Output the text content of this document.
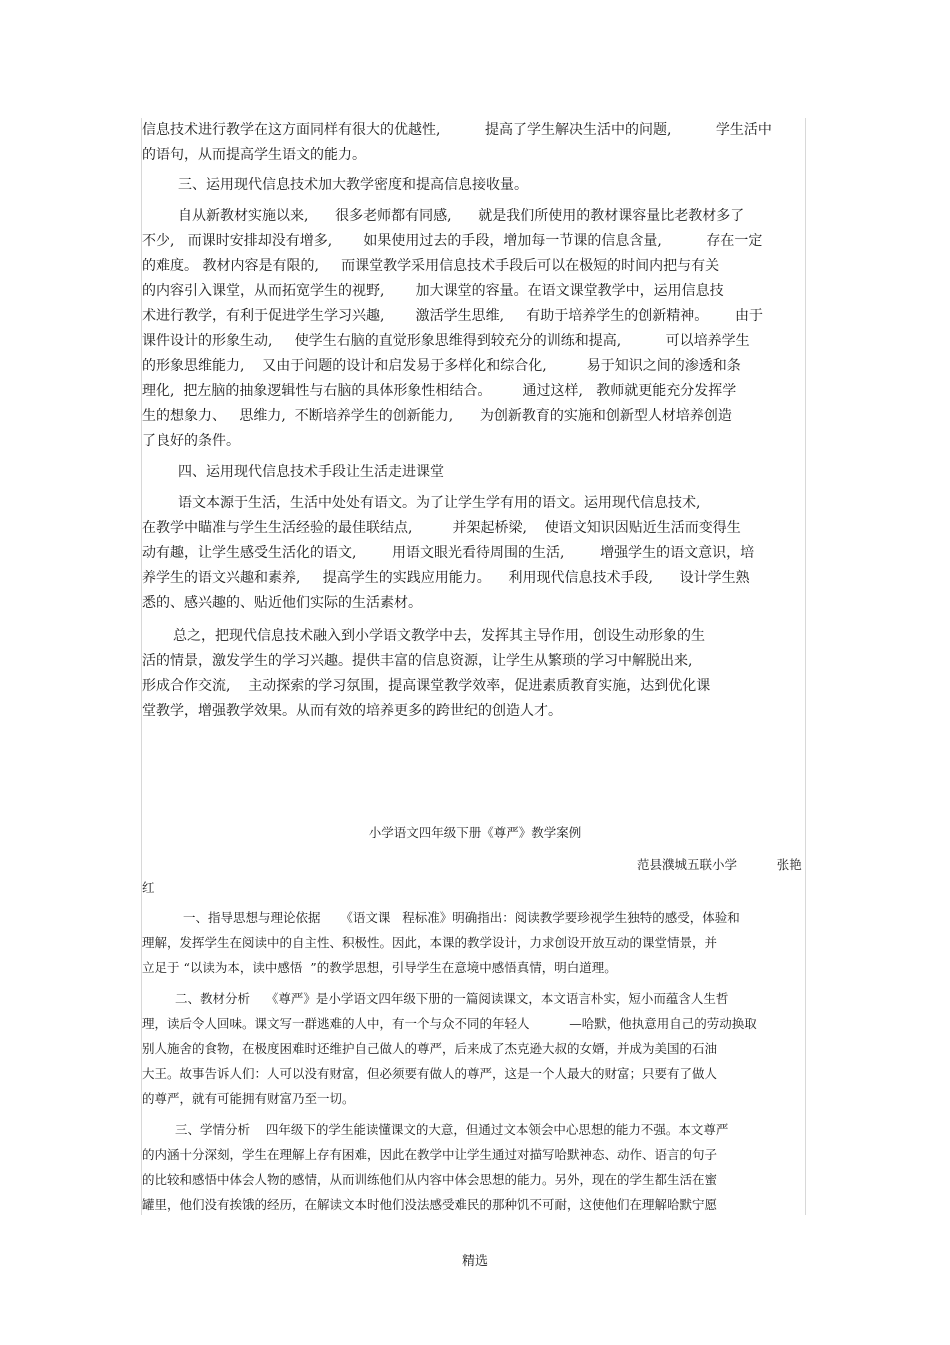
信息技术进行教学在这方面同样有很大的优越性,          提高了学生解决生活中的问题,          学生活中
的语句，从而提高学生语文的能力。
三、运用现代信息技术加大教学密度和提高信息接收量。
自从新教材实施以来,      很多老师都有同感,      就是我们所使用的教材课容量比老教材多了
不少,   而课时安排却没有增多,       如果使用过去的手段，增加每一节课的信息含量,          存在一定
的难度。 教材内容是有限的,     而课堂教学采用信息技术手段后可以在极短的时间内把与有关
的内容引入课堂，从而拓宽学生的视野,       加大课堂的容量。在语文课堂教学中，运用信息技
术进行教学，有利于促进学生学习兴趣,       激活学生思维,     有助于培养学生的创新精神。      由于
课件设计的形象生动,     使学生右脑的直觉形象思维得到较充分的训练和提高,          可以培养学生
的形象思维能力,    又由于问题的设计和启发易于多样化和综合化,         易于知识之间的渗透和条
理化,  把左脑的抽象逻辑性与右脑的具体形象性相结合。       通过这样,   教师就更能充分发挥学
生的想象力、   思维力,  不断培养学生的创新能力,      为创新教育的实施和创新型人材培养创造
了良好的条件。
四、运用现代信息技术手段让生活走进课堂
语文本源于生活，生活中处处有语文。为了让学生学有用的语文。运用现代信息技术,
在教学中瞄准与学生生活经验的最佳联结点,         并架起桥梁,    使语文知识因贴近生活而变得生
动有趣，让学生感受生活化的语文,        用语文眼光看待周围的生活,        增强学生的语文意识，培
养学生的语文兴趣和素养,     提高学生的实践应用能力。    利用现代信息技术手段,      设计学生熟
悉的、感兴趣的、贴近他们实际的生活素材。
总之，把现代信息技术融入到小学语文教学中去，发挥其主导作用，创设生动形象的生
活的情景，激发学生的学习兴趣。提供丰富的信息资源，让学生从繁琐的学习中解脱出来,
形成合作交流,    主动探索的学习氛围，提高课堂教学效率，促进素质教育实施，达到优化课
堂教学，增强教学效果。从而有效的培养更多的跨世纪的创造人才。
小学语文四年级下册《尊严》教学案例
范县濮城五联小学          张艳
红
一、指导思想与理论依据     《语文课   程标准》明确指出：阅读教学要珍视学生独特的感受，体验和
理解，发挥学生在阅读中的自主性、积极性。因此，本课的教学设计，力求创设开放互动的课堂情景，并
立足于 “以读为本，读中感悟  ”的教学思想，引导学生在意境中感悟真情，明白道理。
二、教材分析    《尊严》是小学语文四年级下册的一篇阅读课文，本文语言朴实，短小而蕴含人生哲
理，读后令人回味。课文写一群逃难的人中，有一个与众不同的年轻人          —哈默，他执意用自己的劳动换取
别人施舍的食物，在极度困难时还维护自己做人的尊严，后来成了杰克逊大叔的女婿，并成为美国的石油
大王。故事告诉人们：人可以没有财富，但必须要有做人的尊严，这是一个人最大的财富；只要有了做人
的尊严，就有可能拥有财富乃至一切。
三、学情分析    四年级下的学生能读懂课文的大意，但通过文本领会中心思想的能力不强。本文尊严
的内涵十分深刻，学生在理解上存有困难，因此在教学中让学生通过对描写哈默神态、动作、语言的句子
的比较和感悟中体会人物的感情，从而训练他们从内容中体会思想的能力。另外，现在的学生都生活在蜜
罐里，他们没有挨饿的经历，在解读文本时他们没法感受难民的那种饥不可耐，这使他们在理解哈默宁愿
精选
